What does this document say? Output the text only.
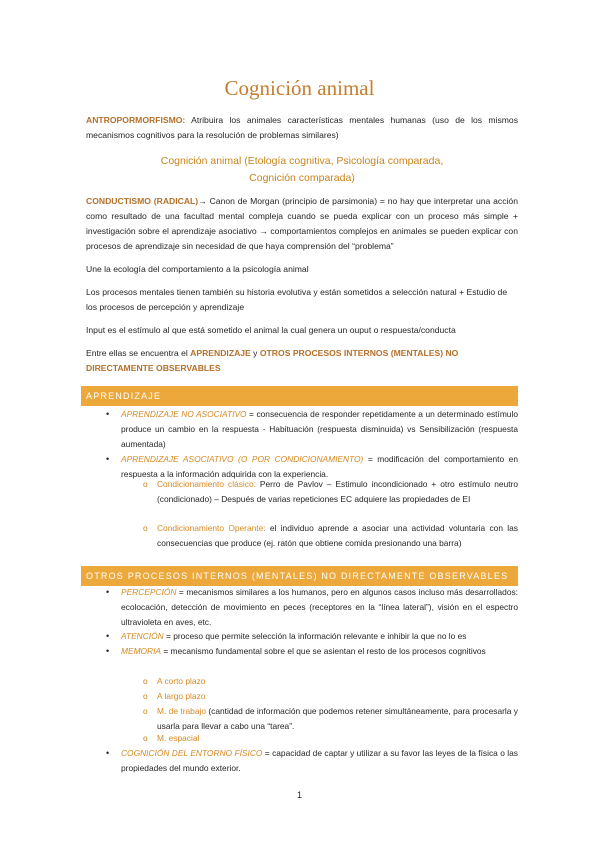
Cognición animal

ANTROPORMORFISMO: Atribuira los animales características mentales humanas (uso de los mismos mecanismos cognitivos para la resolución de problemas similares)

Cognición animal (Etología cognitiva, Psicología comparada,
Cognición comparada)

CONDUCTISMO (RADICAL)→ Canon de Morgan (principio de parsimonia) = no hay que interpretar una acción como resultado de una facultad mental compleja cuando se pueda explicar con un proceso más simple + investigación sobre el aprendizaje asociativo → comportamientos complejos en animales se pueden explicar con procesos de aprendizaje sin necesidad de que haya comprensión del “problema”

Une la ecología del comportamiento a la psicología animal

Los procesos mentales tienen también su historia evolutiva y están sometidos a selección natural + Estudio de los procesos de percepción y aprendizaje

Input es el estímulo al que está sometido el animal la cual genera un ouput o respuesta/conducta

Entre ellas se encuentra el APRENDIZAJE y OTROS PROCESOS INTERNOS (MENTALES) NO DIRECTAMENTE OBSERVABLES

APRENDIZAJE
• APRENDIZAJE NO ASOCIATIVO = consecuencia de responder repetidamente a un determinado estímulo produce un cambio en la respuesta - Habituación (respuesta disminuida) vs Sensibilización (respuesta aumentada)

• APRENDIZAJE ASOCIATIVO (O POR CONDICIONAMIENTO) = modificación del comportamiento en respuesta a la información adquirida con la experiencia.

o Condicionamiento clásico: Perro de Pavlov – Estimulo incondicionado + otro estímulo neutro (condicionado) – Después de varias repeticiones EC adquiere las propiedades de EI

o Condicionamiento Operante: el individuo aprende a asociar una actividad voluntaria con las consecuencias que produce (ej. ratón que obtiene comida presionando una barra)

OTROS PROCESOS INTERNOS (MENTALES) NO DIRECTAMENTE OBSERVABLES
• PERCEPCIÓN = mecanismos similares a los humanos, pero en algunos casos incluso más desarrollados: ecolocación, detección de movimiento en peces (receptores en la “línea lateral”), visión en el espectro ultravioleta en aves, etc.

• ATENCIÓN = proceso que permite selección la información relevante e inhibir la que no lo es

• MEMORIA = mecanismo fundamental sobre el que se asientan el resto de los procesos cognitivos

o A corto plazo

o A largo plazo

o M. de trabajo (cantidad de información que podemos retener simultáneamente, para procesarla y usarla para llevar a cabo una “tarea”.

o M. espacial

• COGNICIÓN DEL ENTORNO FÍSICO = capacidad de captar y utilizar a su favor las leyes de la física o las propiedades del mundo exterior.

1
